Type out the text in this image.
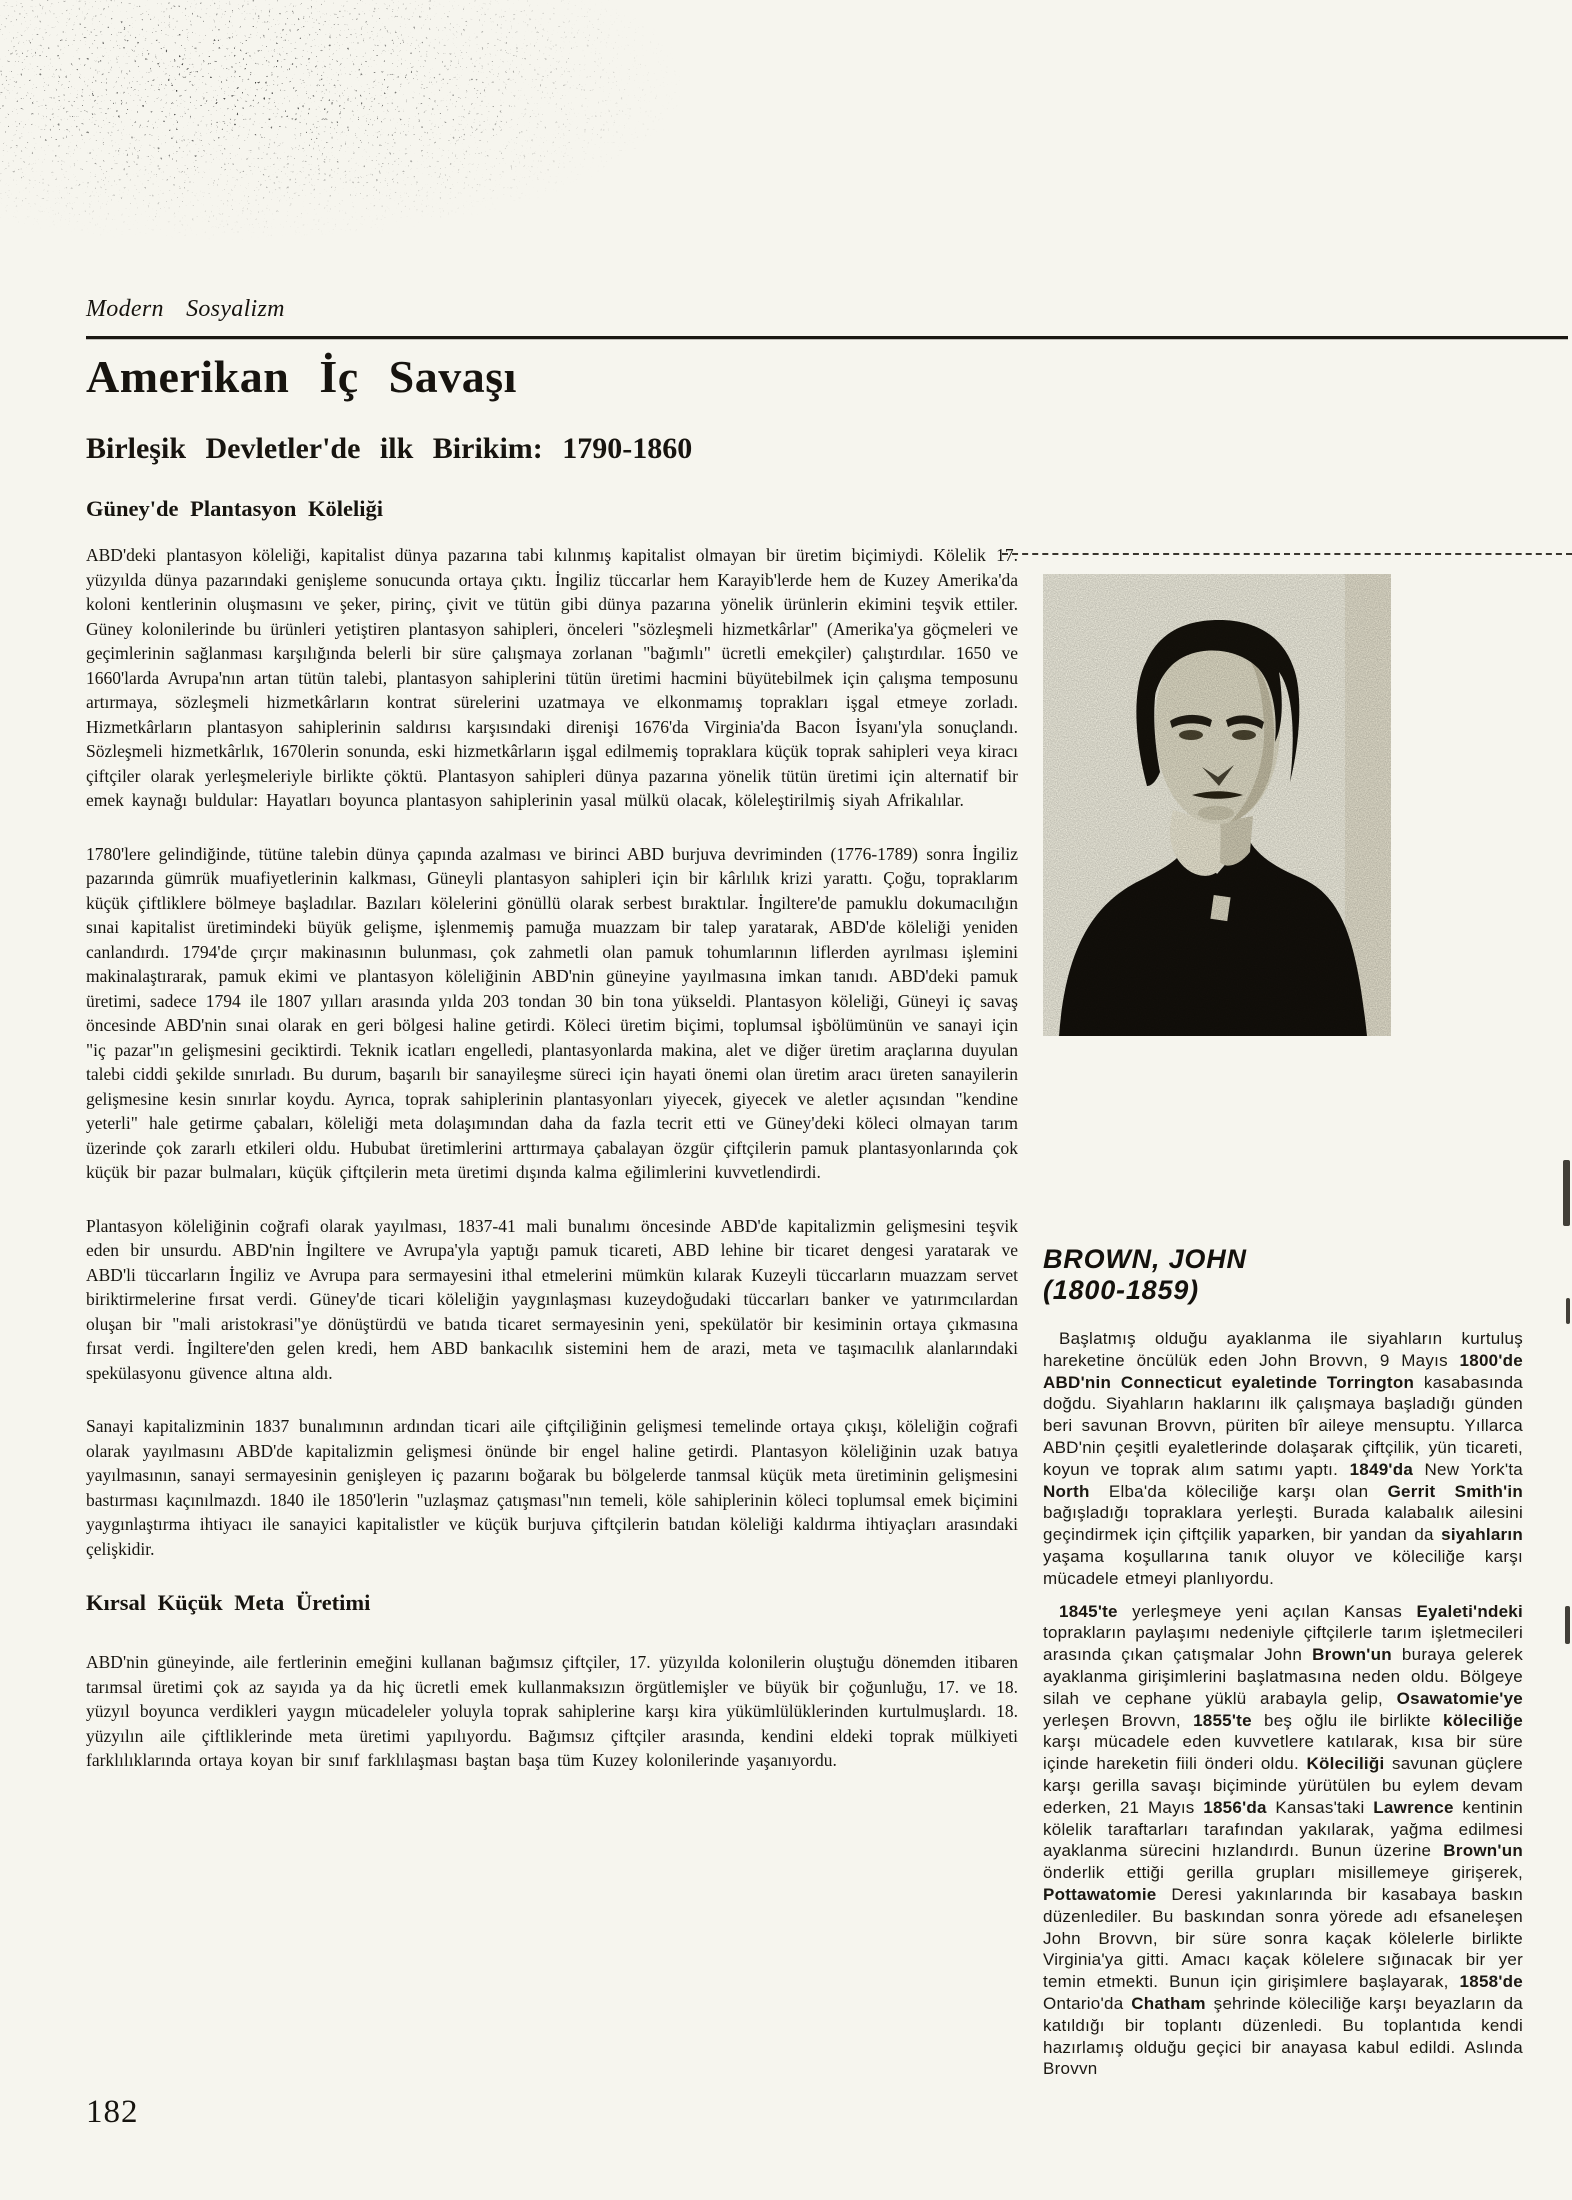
Modern Sosyalizm
Amerikan İç Savaşı
Birleşik Devletler'de ilk Birikim: 1790-1860
Güney'de Plantasyon Köleliği

ABD'deki plantasyon köleliği, kapitalist dünya pazarına tabi kılınmış kapitalist olmayan bir üretim biçimiydi. Kölelik 17. yüzyılda dünya pazarındaki genişleme sonucunda ortaya çıktı. İngiliz tüccarlar hem Karayib'lerde hem de Kuzey Amerika'da koloni kentlerinin oluşmasını ve şeker, pirinç, çivit ve tütün gibi dünya pazarına yönelik ürünlerin ekimini teşvik ettiler. Güney kolonilerinde bu ürünleri yetiştiren plantasyon sahipleri, önceleri "sözleşmeli hizmetkârlar" (Amerika'ya göçmeleri ve geçimlerinin sağlanması karşılığında belerli bir süre çalışmaya zorlanan "bağımlı" ücretli emekçiler) çalıştırdılar. 1650 ve 1660'larda Avrupa'nın artan tütün talebi, plantasyon sahiplerini tütün üretimi hacmini büyütebilmek için çalışma temposunu artırmaya, sözleşmeli hizmetkârların kontrat sürelerini uzatmaya ve elkonmamış toprakları işgal etmeye zorladı. Hizmetkârların plantasyon sahiplerinin saldırısı karşısındaki direnişi 1676'da Virginia'da Bacon İsyanı'yla sonuçlandı. Sözleşmeli hizmetkârlık, 1670lerin sonunda, eski hizmetkârların işgal edilmemiş topraklara küçük toprak sahipleri veya kiracı çiftçiler olarak yerleşmeleriyle birlikte çöktü. Plantasyon sahipleri dünya pazarına yönelik tütün üretimi için alternatif bir emek kaynağı buldular: Hayatları boyunca plantasyon sahiplerinin yasal mülkü olacak, köleleştirilmiş siyah Afrikalılar.

1780'lere gelindiğinde, tütüne talebin dünya çapında azalması ve birinci ABD burjuva devriminden (1776-1789) sonra İngiliz pazarında gümrük muafiyetlerinin kalkması, Güneyli plantasyon sahipleri için bir kârlılık krizi yarattı. Çoğu, topraklarım küçük çiftliklere bölmeye başladılar. Bazıları kölelerini gönüllü olarak serbest bıraktılar. İngiltere'de pamuklu dokumacılığın sınai kapitalist üretimindeki büyük gelişme, işlenmemiş pamuğa muazzam bir talep yaratarak, ABD'de köleliği yeniden canlandırdı. 1794'de çırçır makinasının bulunması, çok zahmetli olan pamuk tohumlarının liflerden ayrılması işlemini makinalaştırarak, pamuk ekimi ve plantasyon köleliğinin ABD'nin güneyine yayılmasına imkan tanıdı. ABD'deki pamuk üretimi, sadece 1794 ile 1807 yılları arasında yılda 203 tondan 30 bin tona yükseldi. Plantasyon köleliği, Güneyi iç savaş öncesinde ABD'nin sınai olarak en geri bölgesi haline getirdi. Köleci üretim biçimi, toplumsal işbölümünün ve sanayi için "iç pazar"ın gelişmesini geciktirdi. Teknik icatları engelledi, plantasyonlarda makina, alet ve diğer üretim araçlarına duyulan talebi ciddi şekilde sınırladı. Bu durum, başarılı bir sanayileşme süreci için hayati önemi olan üretim aracı üreten sanayilerin gelişmesine kesin sınırlar koydu. Ayrıca, toprak sahiplerinin plantasyonları yiyecek, giyecek ve aletler açısından "kendine yeterli" hale getirme çabaları, köleliği meta dolaşımından daha da fazla tecrit etti ve Güney'deki köleci olmayan tarım üzerinde çok zararlı etkileri oldu. Hububat üretimlerini arttırmaya çabalayan özgür çiftçilerin pamuk plantasyonlarında çok küçük bir pazar bulmaları, küçük çiftçilerin meta üretimi dışında kalma eğilimlerini kuvvetlendirdi.

Plantasyon köleliğinin coğrafi olarak yayılması, 1837-41 mali bunalımı öncesinde ABD'de kapitalizmin gelişmesini teşvik eden bir unsurdu. ABD'nin İngiltere ve Avrupa'yla yaptığı pamuk ticareti, ABD lehine bir ticaret dengesi yaratarak ve ABD'li tüccarların İngiliz ve Avrupa para sermayesini ithal etmelerini mümkün kılarak Kuzeyli tüccarların muazzam servet biriktirmelerine fırsat verdi. Güney'de ticari köleliğin yaygınlaşması kuzeydoğudaki tüccarları banker ve yatırımcılardan oluşan bir "mali aristokrasi"ye dönüştürdü ve batıda ticaret sermayesinin yeni, spekülatör bir kesiminin ortaya çıkmasına fırsat verdi. İngiltere'den gelen kredi, hem ABD bankacılık sistemini hem de arazi, meta ve taşımacılık alanlarındaki spekülasyonu güvence altına aldı.

Sanayi kapitalizminin 1837 bunalımının ardından ticari aile çiftçiliğinin gelişmesi temelinde ortaya çıkışı, köleliğin coğrafi olarak yayılmasını ABD'de kapitalizmin gelişmesi önünde bir engel haline getirdi. Plantasyon köleliğinin uzak batıya yayılmasının, sanayi sermayesinin genişleyen iç pazarını boğarak bu bölgelerde tanmsal küçük meta üretiminin gelişmesini bastırması kaçınılmazdı. 1840 ile 1850'lerin "uzlaşmaz çatışması"nın temeli, köle sahiplerinin köleci toplumsal emek biçimini yaygınlaştırma ihtiyacı ile sanayici kapitalistler ve küçük burjuva çiftçilerin batıdan köleliği kaldırma ihtiyaçları arasındaki çelişkidir.

Kırsal Küçük Meta Üretimi

ABD'nin güneyinde, aile fertlerinin emeğini kullanan bağımsız çiftçiler, 17. yüzyılda kolonilerin oluştuğu dönemden itibaren tarımsal üretimi çok az sayıda ya da hiç ücretli emek kullanmaksızın örgütlemişler ve büyük bir çoğunluğu, 17. ve 18. yüzyıl boyunca verdikleri yaygın mücadeleler yoluyla toprak sahiplerine karşı kira yükümlülüklerinden kurtulmuşlardı. 18. yüzyılın aile çiftliklerinde meta üretimi yapılıyordu. Bağımsız çiftçiler arasında, kendini eldeki toprak mülkiyeti farklılıklarında ortaya koyan bir sınıf farklılaşması baştan başa tüm Kuzey kolonilerinde yaşanıyordu.

182
BROWN, JOHN
(1800-1859)

Başlatmış olduğu ayaklanma ile siyahların kurtuluş hareketine öncülük eden John Brovvn, 9 Mayıs 1800'de ABD'nin Connecticut eyaletinde Torrington kasabasında doğdu. Siyahların haklarını ilk çalışmaya başladığı günden beri savunan Brovvn, püriten bîr aileye mensuptu. Yıllarca ABD'nin çeşitli eyaletlerinde dolaşarak çiftçilik, yün ticareti, koyun ve toprak alım satımı yaptı. 1849'da New York'ta North Elba'da köleciliğe karşı olan Gerrit Smith'in bağışladığı topraklara yerleşti. Burada kalabalık ailesini geçindirmek için çiftçilik yaparken, bir yandan da siyahların yaşama koşullarına tanık oluyor ve köleciliğe karşı mücadele etmeyi planlıyordu.

1845'te yerleşmeye yeni açılan Kansas Eyaleti'ndeki toprakların paylaşımı nedeniyle çiftçilerle tarım işletmecileri arasında çıkan çatışmalar John Brown'un buraya gelerek ayaklanma girişimlerini başlatmasına neden oldu. Bölgeye silah ve cephane yüklü arabayla gelip, Osawatomie'ye yerleşen Brovvn, 1855'te beş oğlu ile birlikte köleciliğe karşı mücadele eden kuvvetlere katılarak, kısa bir süre içinde hareketin fiili önderi oldu. Köleciliği savunan güçlere karşı gerilla savaşı biçiminde yürütülen bu eylem devam ederken, 21 Mayıs 1856'da Kansas'taki Lawrence kentinin kölelik taraftarları tarafından yakılarak, yağma edilmesi ayaklanma sürecini hızlandırdı. Bunun üzerine Brown'un önderlik ettiği gerilla grupları misillemeye girişerek, Pottawatomie Deresi yakınlarında bir kasabaya baskın düzenlediler. Bu baskından sonra yörede adı efsaneleşen John Brovvn, bir süre sonra kaçak kölelerle birlikte Virginia'ya gitti. Amacı kaçak kölelere sığınacak bir yer temin etmekti. Bunun için girişimlere başlayarak, 1858'de Ontario'da Chatham şehrinde köleciliğe karşı beyazların da katıldığı bir toplantı düzenledi. Bu toplantıda kendi hazırlamış olduğu geçici bir anayasa kabul edildi. Aslında Brovvn
